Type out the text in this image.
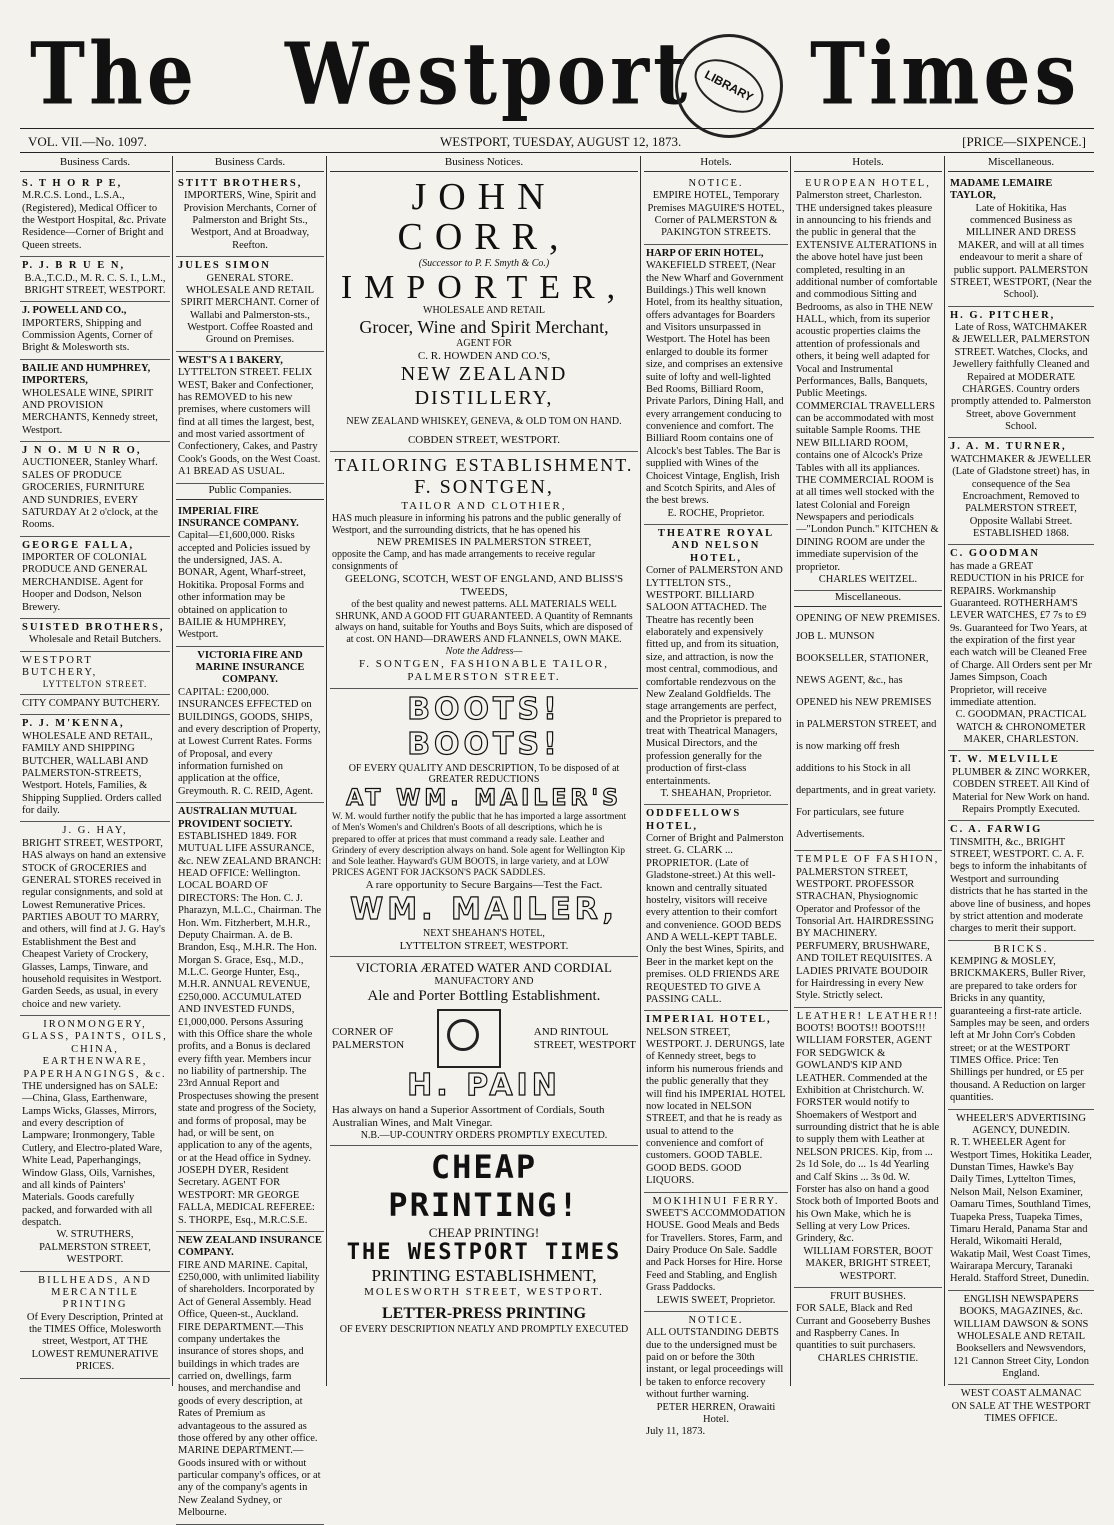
The Westport LIBRARY Times
VOL. VII.—No. 1097.	WESTPORT, TUESDAY, AUGUST 12, 1873.	[PRICE—SIXPENCE.]
Business Cards.
S. T H O R P E,
M.R.C.S. Lond., L.S.A., (Registered), Medical Officer to the Westport Hospital, &c. Private Residence—Corner of Bright and Queen streets.
P. J. B R U E N,
B.A.,T.C.D., M. R. C. S. I., L.M., BRIGHT STREET, WESTPORT.
J. POWELL AND CO.,
IMPORTERS, Shipping and Commission Agents, Corner of Bright & Molesworth sts.
BAILIE AND HUMPHREY, IMPORTERS,
WHOLESALE WINE, SPIRIT AND PROVISION MERCHANTS, Kennedy street, Westport.
J N O. M U N R O,
AUCTIONEER, Stanley Wharf. SALES OF PRODUCE GROCERIES, FURNITURE AND SUNDRIES, EVERY SATURDAY At 2 o'clock, at the Rooms.
GEORGE FALLA,
IMPORTER OF COLONIAL PRODUCE AND GENERAL MERCHANDISE. Agent for Hooper and Dodson, Nelson Brewery.
SUISTED BROTHERS,
Wholesale and Retail Butchers.
WESTPORT BUTCHERY,
LYTTELTON STREET.
CITY COMPANY BUTCHERY.
P. J. M'KENNA,
WHOLESALE AND RETAIL, FAMILY AND SHIPPING BUTCHER, WALLABI AND PALMERSTON-STREETS, Westport. Hotels, Families, & Shipping Supplied. Orders called for daily.
J. G. HAY,
BRIGHT STREET, WESTPORT, HAS always on hand an extensive STOCK of GROCERIES and GENERAL STORES received in regular consignments, and sold at Lowest Remunerative Prices. PARTIES ABOUT TO MARRY, and others, will find at J. G. Hay's Establishment the Best and Cheapest Variety of Crockery, Glasses, Lamps, Tinware, and household requisites in Westport. Garden Seeds, as usual, in every choice and new variety.
IRONMONGERY, GLASS, PAINTS, OILS, CHINA, EARTHENWARE, PAPERHANGINGS, &c.
THE undersigned has on SALE:—China, Glass, Earthenware, Lamps Wicks, Glasses, Mirrors, and every description of Lampware; Ironmongery, Table Cutlery, and Electro-plated Ware, White Lead, Paperhangings, Window Glass, Oils, Varnishes, and all kinds of Painters' Materials. Goods carefully packed, and forwarded with all despatch.
W. STRUTHERS, PALMERSTON STREET, WESTPORT.
BILLHEADS, AND MERCANTILE PRINTING
Of Every Description, Printed at the TIMES Office, Molesworth street, Westport, AT THE LOWEST REMUNERATIVE PRICES.
Business Cards.
STITT BROTHERS,
IMPORTERS, Wine, Spirit and Provision Merchants, Corner of Palmerston and Bright Sts., Westport, And at Broadway, Reefton.
JULES SIMON
GENERAL STORE. WHOLESALE AND RETAIL SPIRIT MERCHANT. Corner of Wallabi and Palmerston-sts., Westport. Coffee Roasted and Ground on Premises.
WEST'S A 1 BAKERY,
LYTTELTON STREET. FELIX WEST, Baker and Confectioner, has REMOVED to his new premises, where customers will find at all times the largest, best, and most varied assortment of Confectionery, Cakes, and Pastry Cook's Goods, on the West Coast. A1 BREAD AS USUAL.
Public Companies.
IMPERIAL FIRE INSURANCE COMPANY.
Capital—£1,600,000. Risks accepted and Policies issued by the undersigned, JAS. A. BONAR, Agent, Wharf-street, Hokitika. Proposal Forms and other information may be obtained on application to BAILIE & HUMPHREY, Westport.
VICTORIA FIRE AND MARINE INSURANCE COMPANY.
CAPITAL: £200,000. INSURANCES EFFECTED on BUILDINGS, GOODS, SHIPS, and every description of Property, at Lowest Current Rates. Forms of Proposal, and every information furnished on application at the office, Greymouth. R. C. REID, Agent.
AUSTRALIAN MUTUAL PROVIDENT SOCIETY.
ESTABLISHED 1849. FOR MUTUAL LIFE ASSURANCE, &c. NEW ZEALAND BRANCH: HEAD OFFICE: Wellington. LOCAL BOARD OF DIRECTORS: The Hon. C. J. Pharazyn, M.L.C., Chairman. The Hon. Wm. Fitzherbert, M.H.R., Deputy Chairman. A. de B. Brandon, Esq., M.H.R. The Hon. Morgan S. Grace, Esq., M.D., M.L.C. George Hunter, Esq., M.H.R. ANNUAL REVENUE, £250,000. ACCUMULATED AND INVESTED FUNDS, £1,000,000. Persons Assuring with this Office share the whole profits, and a Bonus is declared every fifth year. Members incur no liability of partnership. The 23rd Annual Report and Prospectuses showing the present state and progress of the Society, and forms of proposal, may be had, or will be sent, on application to any of the agents, or at the Head office in Sydney. JOSEPH DYER, Resident Secretary. AGENT FOR WESTPORT: MR GEORGE FALLA, MEDICAL REFEREE: S. THORPE, Esq., M.R.C.S.E.
NEW ZEALAND INSURANCE COMPANY.
FIRE AND MARINE. Capital, £250,000, with unlimited liability of shareholders. Incorporated by Act of General Assembly. Head Office, Queen-st., Auckland. FIRE DEPARTMENT.—This company undertakes the insurance of stores shops, and buildings in which trades are carried on, dwellings, farm houses, and merchandise and goods of every description, at Rates of Premium as advantageous to the assured as those offered by any other office. MARINE DEPARTMENT.—Goods insured with or without particular company's offices, or at any of the company's agents in New Zealand Sydney, or Melbourne.
Business Notices.
JOHN CORR,
(Successor to P. F. Smyth & Co.)
IMPORTER,
WHOLESALE AND RETAIL
Grocer, Wine and Spirit Merchant,
AGENT FOR
C. R. HOWDEN AND CO.'S,
NEW ZEALAND DISTILLERY,
NEW ZEALAND WHISKEY, GENEVA, & OLD TOM ON HAND.
COBDEN STREET, WESTPORT.
TAILORING ESTABLISHMENT.
F. SONTGEN,
TAILOR AND CLOTHIER,
HAS much pleasure in informing his patrons and the public generally of Westport, and the surrounding districts, that he has opened his
NEW PREMISES IN PALMERSTON STREET,
opposite the Camp, and has made arrangements to receive regular consignments of
GEELONG, SCOTCH, WEST OF ENGLAND, AND BLISS'S TWEEDS,
of the best quality and newest patterns. ALL MATERIALS WELL SHRUNK, AND A GOOD FIT GUARANTEED. A Quantity of Remnants always on hand, suitable for Youths and Boys Suits, which are disposed of at cost. ON HAND—DRAWERS AND FLANNELS, OWN MAKE.
Note the Address—
F. SONTGEN, FASHIONABLE TAILOR, PALMERSTON STREET.
BOOTS! BOOTS!
OF EVERY QUALITY AND DESCRIPTION, To be disposed of at GREATER REDUCTIONS
AT WM. MAILER'S
W. M. would further notify the public that he has imported a large assortment of Men's Women's and Children's Boots of all descriptions, which he is prepared to offer at prices that must command a ready sale. Leather and Grindery of every description always on hand. Sole agent for Wellington Kip and Sole leather. Hayward's GUM BOOTS, in large variety, and at LOW PRICES AGENT FOR JACKSON'S PACK SADDLES.
A rare opportunity to Secure Bargains—Test the Fact.
WM. MAILER,
NEXT SHEAHAN'S HOTEL,
LYTTELTON STREET, WESTPORT.
VICTORIA ÆRATED WATER AND CORDIAL
MANUFACTORY AND
Ale and Porter Bottling Establishment.
CORNER OF
PALMERSTON
AND RINTOUL
STREET, WESTPORT
H. PAIN
Has always on hand a Superior Assortment of Cordials, South Australian Wines, and Malt Vinegar.
N.B.—UP-COUNTRY ORDERS PROMPTLY EXECUTED.
CHEAP PRINTING!
CHEAP PRINTING!
THE WESTPORT TIMES
PRINTING ESTABLISHMENT,
MOLESWORTH STREET, WESTPORT.
LETTER-PRESS PRINTING
OF EVERY DESCRIPTION NEATLY AND PROMPTLY EXECUTED
Hotels.
NOTICE.
EMPIRE HOTEL, Temporary Premises MAGUIRE'S HOTEL, Corner of PALMERSTON & PAKINGTON STREETS.
HARP OF ERIN HOTEL,
WAKEFIELD STREET, (Near the New Wharf and Government Buildings.) This well known Hotel, from its healthy situation, offers advantages for Boarders and Visitors unsurpassed in Westport. The Hotel has been enlarged to double its former size, and comprises an extensive suite of lofty and well-lighted Bed Rooms, Billiard Room, Private Parlors, Dining Hall, and every arrangement conducing to convenience and comfort. The Billiard Room contains one of Alcock's best Tables. The Bar is supplied with Wines of the Choicest Vintage, English, Irish and Scotch Spirits, and Ales of the best brews.
E. ROCHE, Proprietor.
THEATRE ROYAL AND NELSON HOTEL,
Corner of PALMERSTON AND LYTTELTON STS., WESTPORT. BILLIARD SALOON ATTACHED. The Theatre has recently been elaborately and expensively fitted up, and from its situation, size, and attraction, is now the most central, commodious, and comfortable rendezvous on the New Zealand Goldfields. The stage arrangements are perfect, and the Proprietor is prepared to treat with Theatrical Managers, Musical Directors, and the profession generally for the production of first-class entertainments.
T. SHEAHAN, Proprietor.
ODDFELLOWS HOTEL,
Corner of Bright and Palmerston street. G. CLARK ... PROPRIETOR. (Late of Gladstone-street.) At this well-known and centrally situated hostelry, visitors will receive every attention to their comfort and convenience. GOOD BEDS AND A WELL-KEPT TABLE. Only the best Wines, Spirits, and Beer in the market kept on the premises. OLD FRIENDS ARE REQUESTED TO GIVE A PASSING CALL.
IMPERIAL HOTEL,
NELSON STREET, WESTPORT. J. DERUNGS, late of Kennedy street, begs to inform his numerous friends and the public generally that they will find his IMPERIAL HOTEL now located in NELSON STREET, and that he is ready as usual to attend to the convenience and comfort of customers. GOOD TABLE. GOOD BEDS. GOOD LIQUORS.
MOKIHINUI FERRY.
SWEET'S ACCOMMODATION HOUSE. Good Meals and Beds for Travellers. Stores, Farm, and Dairy Produce On Sale. Saddle and Pack Horses for Hire. Horse Feed and Stabling, and English Grass Paddocks.
LEWIS SWEET, Proprietor.
NOTICE.
ALL OUTSTANDING DEBTS due to the undersigned must be paid on or before the 30th instant, or legal proceedings will be taken to enforce recovery without further warning.
PETER HERREN, Orawaiti Hotel.
July 11, 1873.
Hotels.
EUROPEAN HOTEL,
Palmerston street, Charleston. THE undersigned takes pleasure in announcing to his friends and the public in general that the EXTENSIVE ALTERATIONS in the above hotel have just been completed, resulting in an additional number of comfortable and commodious Sitting and Bedrooms, as also in THE NEW HALL, which, from its superior acoustic properties claims the attention of professionals and others, it being well adapted for Vocal and Instrumental Performances, Balls, Banquets, Public Meetings. COMMERCIAL TRAVELLERS can be accommodated with most suitable Sample Rooms. THE NEW BILLIARD ROOM, contains one of Alcock's Prize Tables with all its appliances. THE COMMERCIAL ROOM is at all times well stocked with the latest Colonial and Foreign Newspapers and periodicals—"London Punch." KITCHEN & DINING ROOM are under the immediate supervision of the proprietor.
CHARLES WEITZEL.
Miscellaneous.
OPENING OF NEW PREMISES.
JOB L. MUNSON BOOKSELLER, STATIONER, NEWS AGENT, &c., has OPENED his NEW PREMISES in PALMERSTON STREET, and is now marking off fresh additions to his Stock in all departments, and in great variety. For particulars, see future Advertisements.
TEMPLE OF FASHION,
PALMERSTON STREET, WESTPORT. PROFESSOR STRACHAN, Physiognomic Operator and Professor of the Tonsorial Art. HAIRDRESSING BY MACHINERY. PERFUMERY, BRUSHWARE, AND TOILET REQUISITES. A LADIES PRIVATE BOUDOIR for Hairdressing in every New Style. Strictly select.
LEATHER! LEATHER!!
BOOTS! BOOTS!! BOOTS!!! WILLIAM FORSTER, AGENT FOR SEDGWICK & GOWLAND'S KIP AND LEATHER. Commended at the Exhibition at Christchurch. W. FORSTER would notify to Shoemakers of Westport and surrounding district that he is able to supply them with Leather at NELSON PRICES. Kip, from ... 2s 1d Sole, do ... 1s 4d Yearling and Calf Skins ... 3s 0d. W. Forster has also on hand a good Stock both of Imported Boots and his Own Make, which he is Selling at very Low Prices. Grindery, &c.
WILLIAM FORSTER, BOOT MAKER, BRIGHT STREET, WESTPORT.
FRUIT BUSHES.
FOR SALE, Black and Red Currant and Gooseberry Bushes and Raspberry Canes. In quantities to suit purchasers.
CHARLES CHRISTIE.
Miscellaneous.
MADAME LEMAIRE TAYLOR,
Late of Hokitika, Has commenced Business as MILLINER AND DRESS MAKER, and will at all times endeavour to merit a share of public support. PALMERSTON STREET, WESTPORT, (Near the School).
H. G. PITCHER,
Late of Ross, WATCHMAKER & JEWELLER, PALMERSTON STREET. Watches, Clocks, and Jewellery faithfully Cleaned and Repaired at MODERATE CHARGES. Country orders promptly attended to. Palmerston Street, above Government School.
J. A. M. TURNER,
WATCHMAKER & JEWELLER (Late of Gladstone street) has, in consequence of the Sea Encroachment, Removed to PALMERSTON STREET, Opposite Wallabi Street. ESTABLISHED 1868.
C. GOODMAN
has made a GREAT REDUCTION in his PRICE for REPAIRS. Workmanship Guaranteed. ROTHERHAM'S LEVER WATCHES, £7 7s to £9 9s. Guaranteed for Two Years, at the expiration of the first year each watch will be Cleaned Free of Charge. All Orders sent per Mr James Simpson, Coach Proprietor, will receive immediate attention.
C. GOODMAN, PRACTICAL WATCH & CHRONOMETER MAKER, CHARLESTON.
T. W. MELVILLE
PLUMBER & ZINC WORKER, COBDEN STREET. All Kind of Material for New Work on hand. Repairs Promptly Executed.
C. A. FARWIG
TINSMITH, &c., BRIGHT STREET, WESTPORT. C. A. F. begs to inform the inhabitants of Westport and surrounding districts that he has started in the above line of business, and hopes by strict attention and moderate charges to merit their support.
BRICKS.
KEMPING & MOSLEY, BRICKMAKERS, Buller River, are prepared to take orders for Bricks in any quantity, guaranteeing a first-rate article. Samples may be seen, and orders left at Mr John Corr's Cobden street; or at the WESTPORT TIMES Office. Price: Ten Shillings per hundred, or £5 per thousand. A Reduction on larger quantities.
WHEELER'S ADVERTISING AGENCY, DUNEDIN.
R. T. WHEELER Agent for Westport Times, Hokitika Leader, Dunstan Times, Hawke's Bay Daily Times, Lyttelton Times, Nelson Mail, Nelson Examiner, Oamaru Times, Southland Times, Tuapeka Press, Tuapeka Times, Timaru Herald, Panama Star and Herald, Wikomaiti Herald, Wakatip Mail, West Coast Times, Wairarapa Mercury, Taranaki Herald. Stafford Street, Dunedin.
ENGLISH NEWSPAPERS BOOKS, MAGAZINES, &c.
WILLIAM DAWSON & SONS WHOLESALE AND RETAIL Booksellers and Newsvendors, 121 Cannon Street City, London England.
WEST COAST ALMANAC
ON SALE AT THE WESTPORT TIMES OFFICE.
